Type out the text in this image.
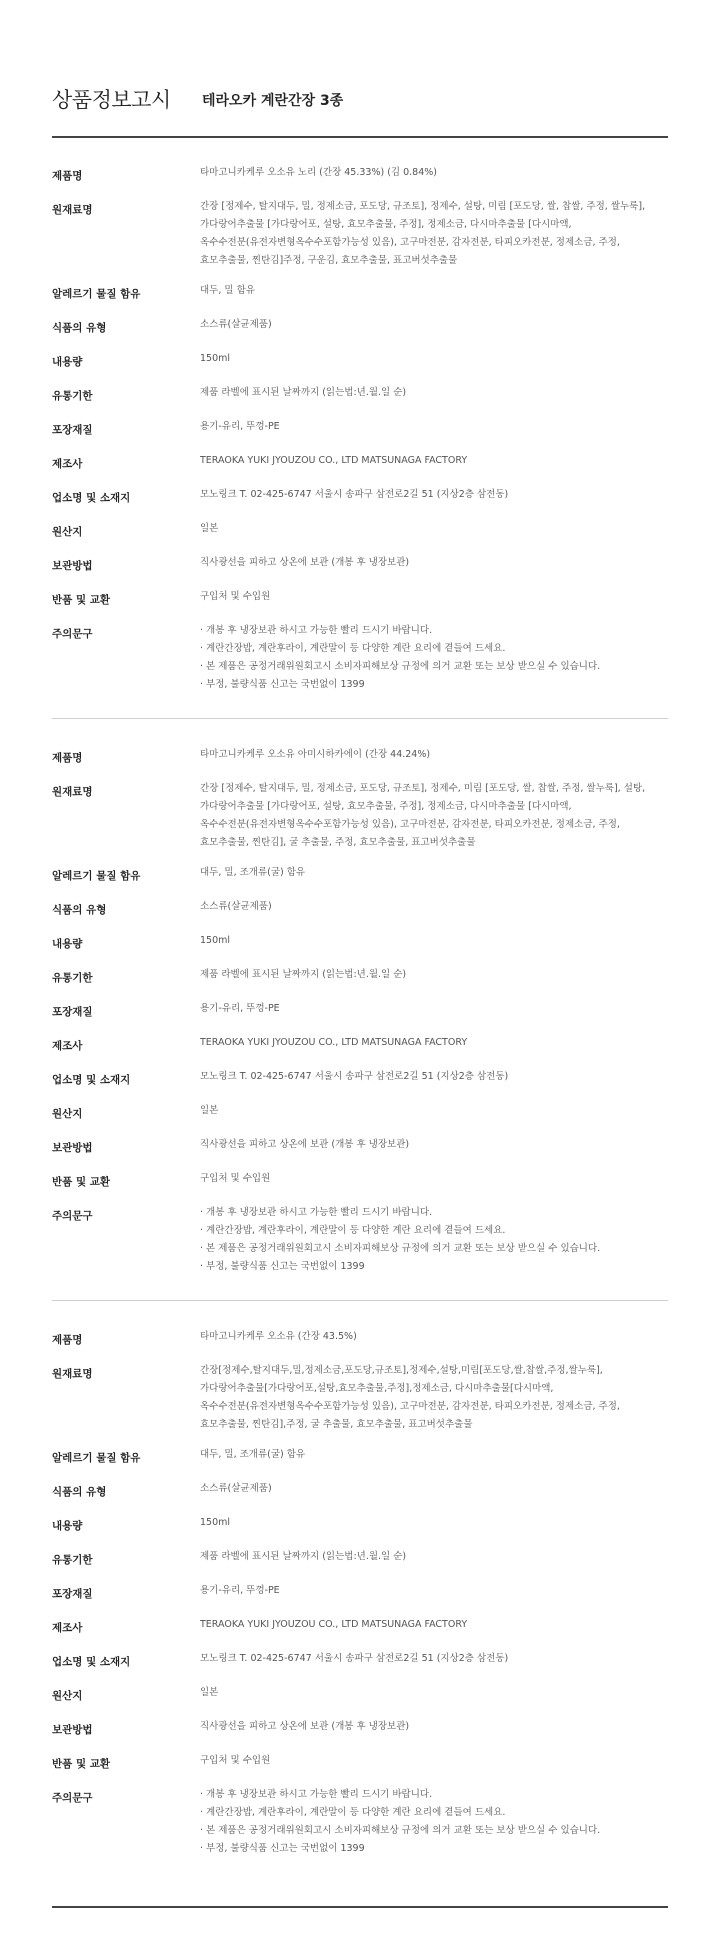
상품정보고시 테라오카 계란간장 3종
제품명	타마고니카케루 오소유 노리 (간장 45.33%) (김 0.84%)
원재료명	간장 [정제수, 탈지대두, 밀, 정제소금, 포도당, 규조토], 정제수, 설탕, 미림 [포도당, 쌀, 찹쌀, 주정, 쌀누룩],
가다랑어추출물 [가다랑어포, 설탕, 효모추출물, 주정], 정제소금, 다시마추출물 [다시마액,
옥수수전분(유전자변형옥수수포함가능성 있음), 고구마전분, 감자전분, 타피오카전분, 정제소금, 주정,
효모추출물, 찐탄김]주정, 구운김, 효모추출물, 표고버섯추출물
알레르기 물질 함유	대두, 밀 함유
식품의 유형	소스류(살균제품)
내용량	150ml
유통기한	제품 라벨에 표시된 날짜까지 (읽는법:년.월.일 순)
포장재질	용기-유리, 뚜껑-PE
제조사	TERAOKA YUKI JYOUZOU CO., LTD MATSUNAGA FACTORY
업소명 및 소재지	모노링크 T. 02-425-6747 서울시 송파구 삼전로2길 51 (지상2층 삼전동)
원산지	일본
보관방법	직사광선을 피하고 상온에 보관 (개봉 후 냉장보관)
반품 및 교환	구입처 및 수입원
주의문구	· 개봉 후 냉장보관 하시고 가능한 빨리 드시기 바랍니다.
· 계란간장밥, 계란후라이, 계란말이 등 다양한 계란 요리에 곁들여 드세요.
· 본 제품은 공정거래위원회고시 소비자피해보상 규정에 의거 교환 또는 보상 받으실 수 있습니다.
· 부정, 불량식품 신고는 국번없이 1399
제품명	타마고니카케루 오소유 아미시하카에이 (간장 44.24%)
원재료명	간장 [정제수, 탈지대두, 밀, 정제소금, 포도당, 규조토], 정제수, 미림 [포도당, 쌀, 찹쌀, 주정, 쌀누룩], 설탕,
가다랑어추출물 [가다랑어포, 설탕, 효모추출물, 주정], 정제소금, 다시마추출물 [다시마액,
옥수수전분(유전자변형옥수수포함가능성 있음), 고구마전분, 감자전분, 타피오카전분, 정제소금, 주정,
효모추출물, 찐탄김], 굴 추출물, 주정, 효모추출물, 표고버섯추출물
알레르기 물질 함유	대두, 밀, 조개류(굴) 함유
식품의 유형	소스류(살균제품)
내용량	150ml
유통기한	제품 라벨에 표시된 날짜까지 (읽는법:년.월.일 순)
포장재질	용기-유리, 뚜껑-PE
제조사	TERAOKA YUKI JYOUZOU CO., LTD MATSUNAGA FACTORY
업소명 및 소재지	모노링크 T. 02-425-6747 서울시 송파구 삼전로2길 51 (지상2층 삼전동)
원산지	일본
보관방법	직사광선을 피하고 상온에 보관 (개봉 후 냉장보관)
반품 및 교환	구입처 및 수입원
주의문구	· 개봉 후 냉장보관 하시고 가능한 빨리 드시기 바랍니다.
· 계란간장밥, 계란후라이, 계란말이 등 다양한 계란 요리에 곁들여 드세요.
· 본 제품은 공정거래위원회고시 소비자피해보상 규정에 의거 교환 또는 보상 받으실 수 있습니다.
· 부정, 불량식품 신고는 국번없이 1399
제품명	타마고니카케루 오소유 (간장 43.5%)
원재료명	간장[정제수,탈지대두,밀,정제소금,포도당,규조토],정제수,설탕,미림[포도당,쌀,찹쌀,주정,쌀누룩],
가다랑어추출물[가다랑어포,설탕,효모추출물,주정],정제소금, 다시마추출물[다시마액,
옥수수전분(유전자변형옥수수포함가능성 있음), 고구마전분, 감자전분, 타피오카전분, 정제소금, 주정,
효모추출물, 찐탄김],주정, 굴 추출물, 효모추출물, 표고버섯추출물
알레르기 물질 함유	대두, 밀, 조개류(굴) 함유
식품의 유형	소스류(살균제품)
내용량	150ml
유통기한	제품 라벨에 표시된 날짜까지 (읽는법:년.월.일 순)
포장재질	용기-유리, 뚜껑-PE
제조사	TERAOKA YUKI JYOUZOU CO., LTD MATSUNAGA FACTORY
업소명 및 소재지	모노링크 T. 02-425-6747 서울시 송파구 삼전로2길 51 (지상2층 삼전동)
원산지	일본
보관방법	직사광선을 피하고 상온에 보관 (개봉 후 냉장보관)
반품 및 교환	구입처 및 수입원
주의문구	· 개봉 후 냉장보관 하시고 가능한 빨리 드시기 바랍니다.
· 계란간장밥, 계란후라이, 계란말이 등 다양한 계란 요리에 곁들여 드세요.
· 본 제품은 공정거래위원회고시 소비자피해보상 규정에 의거 교환 또는 보상 받으실 수 있습니다.
· 부정, 불량식품 신고는 국번없이 1399
